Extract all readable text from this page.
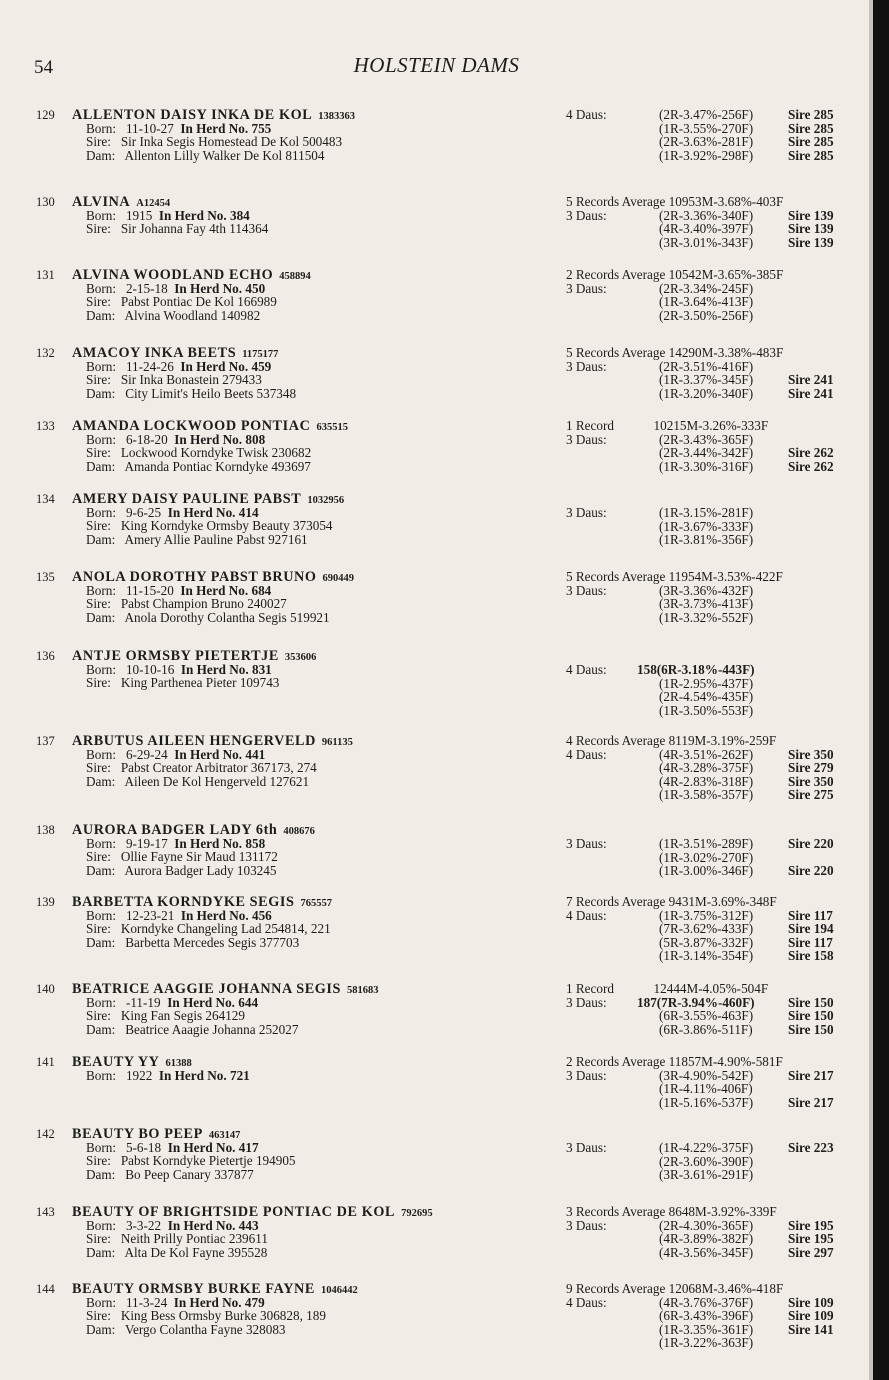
54	HOLSTEIN DAMS
129 ALLENTON DAISY INKA DE KOL 1383363
Born: 11-10-27 In Herd No. 755
Sire: Sir Inka Segis Homestead De Kol 500483
Dam: Allenton Lilly Walker De Kol 811504
4 Daus:	(2R-3.47%-256F)	Sire 285
(1R-3.55%-270F)	Sire 285
(2R-3.63%-281F)	Sire 285
(1R-3.92%-298F)	Sire 285
130 ALVINA A12454
Born: 1915 In Herd No. 384
Sire: Sir Johanna Fay 4th 114364
5 Records Average 10953M-3.68%-403F
3 Daus:	(2R-3.36%-340F)	Sire 139
(4R-3.40%-397F)	Sire 139
(3R-3.01%-343F)	Sire 139
131 ALVINA WOODLAND ECHO 458894
Born: 2-15-18 In Herd No. 450
Sire: Pabst Pontiac De Kol 166989
Dam: Alvina Woodland 140982
2 Records Average 10542M-3.65%-385F
3 Daus:	(2R-3.34%-245F)
(1R-3.64%-413F)
(2R-3.50%-256F)
132 AMACOY INKA BEETS 1175177
Born: 11-24-26 In Herd No. 459
Sire: Sir Inka Bonastein 279433
Dam: City Limit's Heilo Beets 537348
5 Records Average 14290M-3.38%-483F
3 Daus:	(2R-3.51%-416F)
(1R-3.37%-345F)	Sire 241
(1R-3.20%-340F)	Sire 241
133 AMANDA LOCKWOOD PONTIAC 635515
Born: 6-18-20 In Herd No. 808
Sire: Lockwood Korndyke Twisk 230682
Dam: Amanda Pontiac Korndyke 493697
1 Record            10215M-3.26%-333F
3 Daus:	(2R-3.43%-365F)
(2R-3.44%-342F)	Sire 262
(1R-3.30%-316F)	Sire 262
134 AMERY DAISY PAULINE PABST 1032956
Born: 9-6-25 In Herd No. 414
Sire: King Korndyke Ormsby Beauty 373054
Dam: Amery Allie Pauline Pabst 927161
3 Daus:	(1R-3.15%-281F)
(1R-3.67%-333F)
(1R-3.81%-356F)
135 ANOLA DOROTHY PABST BRUNO 690449
Born: 11-15-20 In Herd No. 684
Sire: Pabst Champion Bruno 240027
Dam: Anola Dorothy Colantha Segis 519921
5 Records Average 11954M-3.53%-422F
3 Daus:	(3R-3.36%-432F)
(3R-3.73%-413F)
(1R-3.32%-552F)
136 ANTJE ORMSBY PIETERTJE 353606
Born: 10-10-16 In Herd No. 831
Sire: King Parthenea Pieter 109743
4 Daus: 158(6R-3.18%-443F)
(1R-2.95%-437F)
(2R-4.54%-435F)
(1R-3.50%-553F)
137 ARBUTUS AILEEN HENGERVELD 961135
Born: 6-29-24 In Herd No. 441
Sire: Pabst Creator Arbitrator 367173, 274
Dam: Aileen De Kol Hengerveld 127621
4 Records Average 8119M-3.19%-259F
4 Daus:	(4R-3.51%-262F)	Sire 350
(4R-3.28%-375F)	Sire 279
(4R-2.83%-318F)	Sire 350
(1R-3.58%-357F)	Sire 275
138 AURORA BADGER LADY 6th 408676
Born: 9-19-17 In Herd No. 858
Sire: Ollie Fayne Sir Maud 131172
Dam: Aurora Badger Lady 103245
3 Daus:	(1R-3.51%-289F)	Sire 220
(1R-3.02%-270F)
(1R-3.00%-346F)	Sire 220
139 BARBETTA KORNDYKE SEGIS 765557
Born: 12-23-21 In Herd No. 456
Sire: Korndyke Changeling Lad 254814, 221
Dam: Barbetta Mercedes Segis 377703
7 Records Average 9431M-3.69%-348F
4 Daus:	(1R-3.75%-312F)	Sire 117
(7R-3.62%-433F)	Sire 194
(5R-3.87%-332F)	Sire 117
(1R-3.14%-354F)	Sire 158
140 BEATRICE AAGGIE JOHANNA SEGIS 581683
Born: -11-19 In Herd No. 644
Sire: King Fan Segis 264129
Dam: Beatrice Aaagie Johanna 252027
1 Record            12444M-4.05%-504F
3 Daus: 187(7R-3.94%-460F)	Sire 150
(6R-3.55%-463F)	Sire 150
(6R-3.86%-511F)	Sire 150
141 BEAUTY YY 61388
Born: 1922 In Herd No. 721
2 Records Average 11857M-4.90%-581F
3 Daus:	(3R-4.90%-542F)	Sire 217
(1R-4.11%-406F)
(1R-5.16%-537F)	Sire 217
142 BEAUTY BO PEEP 463147
Born: 5-6-18 In Herd No. 417
Sire: Pabst Korndyke Pietertje 194905
Dam: Bo Peep Canary 337877
3 Daus:	(1R-4.22%-375F)	Sire 223
(2R-3.60%-390F)
(3R-3.61%-291F)
143 BEAUTY OF BRIGHTSIDE PONTIAC DE KOL 792695
Born: 3-3-22 In Herd No. 443
Sire: Neith Prilly Pontiac 239611
Dam: Alta De Kol Fayne 395528
3 Records Average 8648M-3.92%-339F
3 Daus:	(2R-4.30%-365F)	Sire 195
(4R-3.89%-382F)	Sire 195
(4R-3.56%-345F)	Sire 297
144 BEAUTY ORMSBY BURKE FAYNE 1046442
Born: 11-3-24 In Herd No. 479
Sire: King Bess Ormsby Burke 306828, 189
Dam: Vergo Colantha Fayne 328083
9 Records Average 12068M-3.46%-418F
4 Daus:	(4R-3.76%-376F)	Sire 109
(6R-3.43%-396F)	Sire 109
(1R-3.35%-361F)	Sire 141
(1R-3.22%-363F)
